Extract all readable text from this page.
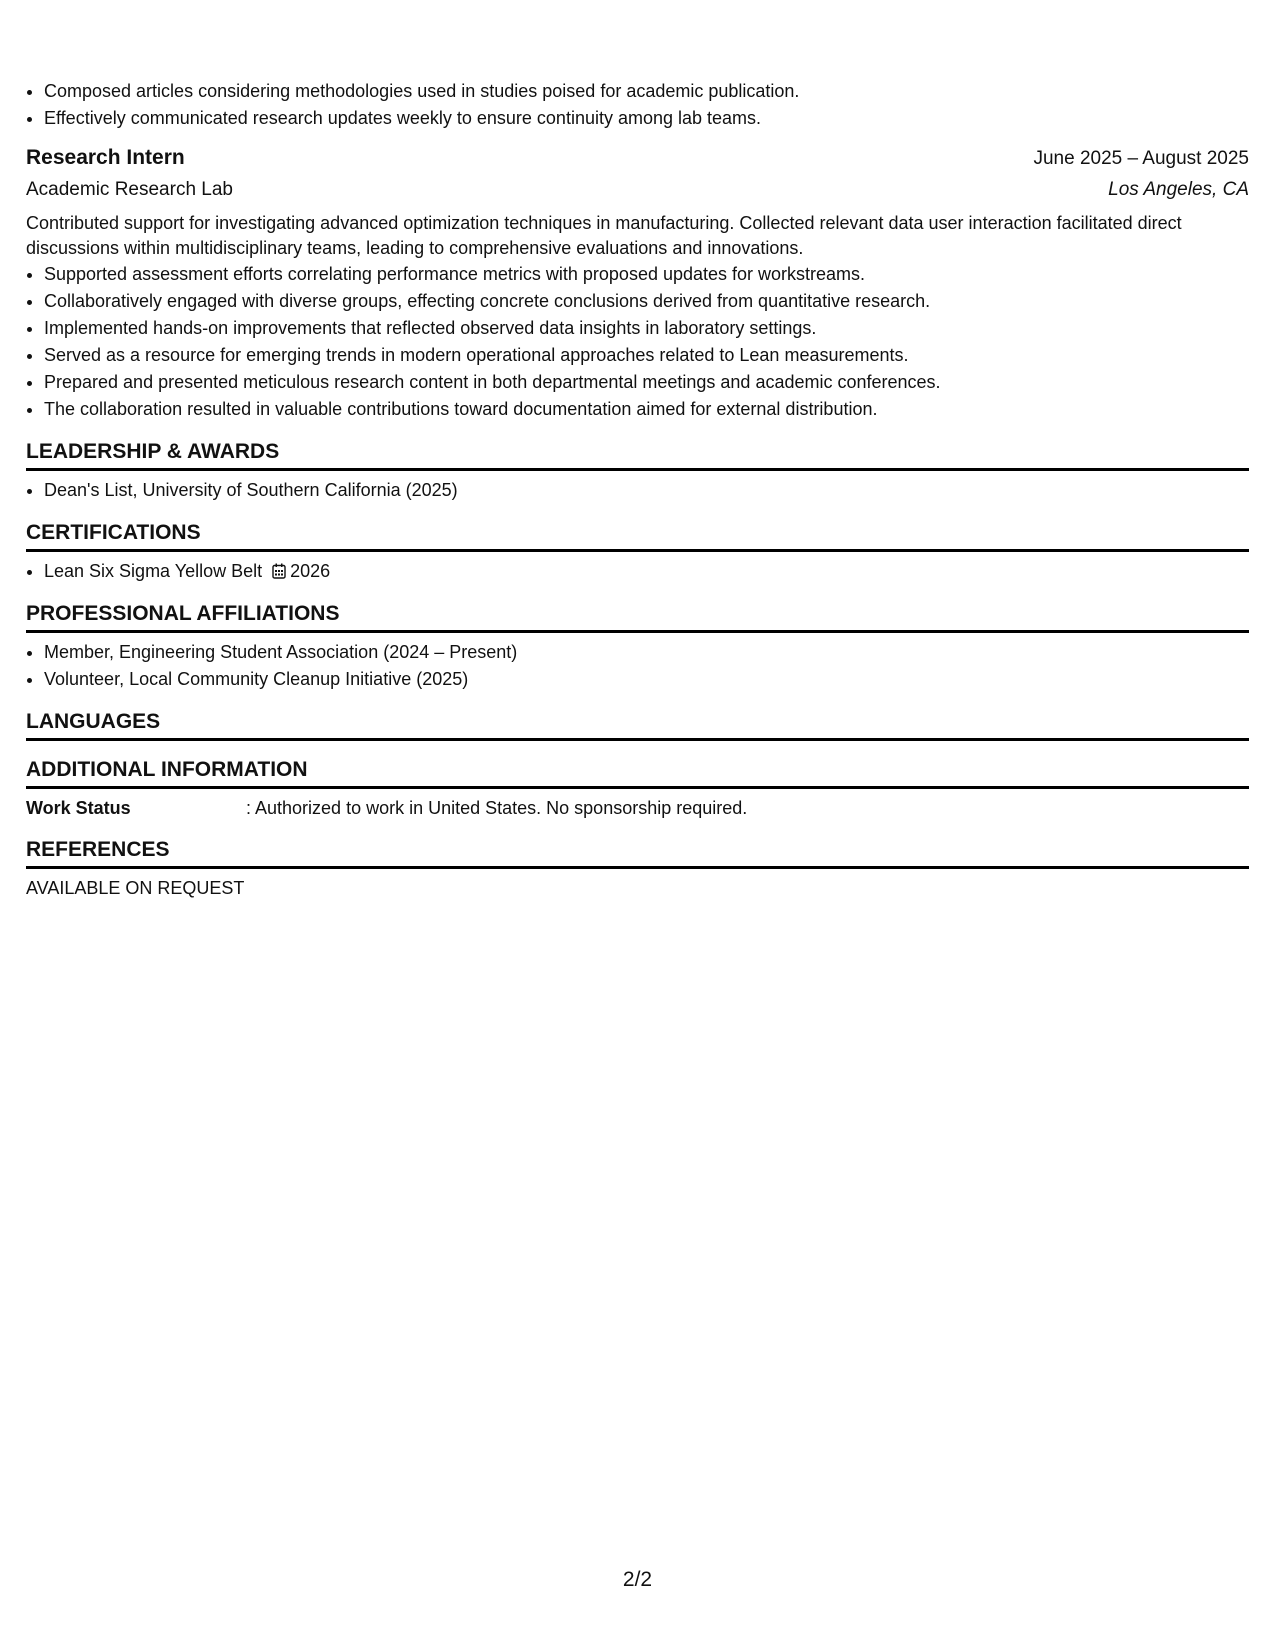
• Composed articles considering methodologies used in studies poised for academic publication.
• Effectively communicated research updates weekly to ensure continuity among lab teams.
Research Intern	June 2025 – August 2025
Academic Research Lab	Los Angeles, CA
Contributed support for investigating advanced optimization techniques in manufacturing. Collected relevant data user interaction facilitated direct discussions within multidisciplinary teams, leading to comprehensive evaluations and innovations.
• Supported assessment efforts correlating performance metrics with proposed updates for workstreams.
• Collaboratively engaged with diverse groups, effecting concrete conclusions derived from quantitative research.
• Implemented hands-on improvements that reflected observed data insights in laboratory settings.
• Served as a resource for emerging trends in modern operational approaches related to Lean measurements.
• Prepared and presented meticulous research content in both departmental meetings and academic conferences.
• The collaboration resulted in valuable contributions toward documentation aimed for external distribution.
LEADERSHIP & AWARDS
• Dean's List, University of Southern California (2025)
CERTIFICATIONS
• Lean Six Sigma Yellow Belt 2026
PROFESSIONAL AFFILIATIONS
• Member, Engineering Student Association (2024 – Present)
• Volunteer, Local Community Cleanup Initiative (2025)
LANGUAGES
ADDITIONAL INFORMATION
Work Status	: Authorized to work in United States. No sponsorship required.
REFERENCES
AVAILABLE ON REQUEST
2/2
